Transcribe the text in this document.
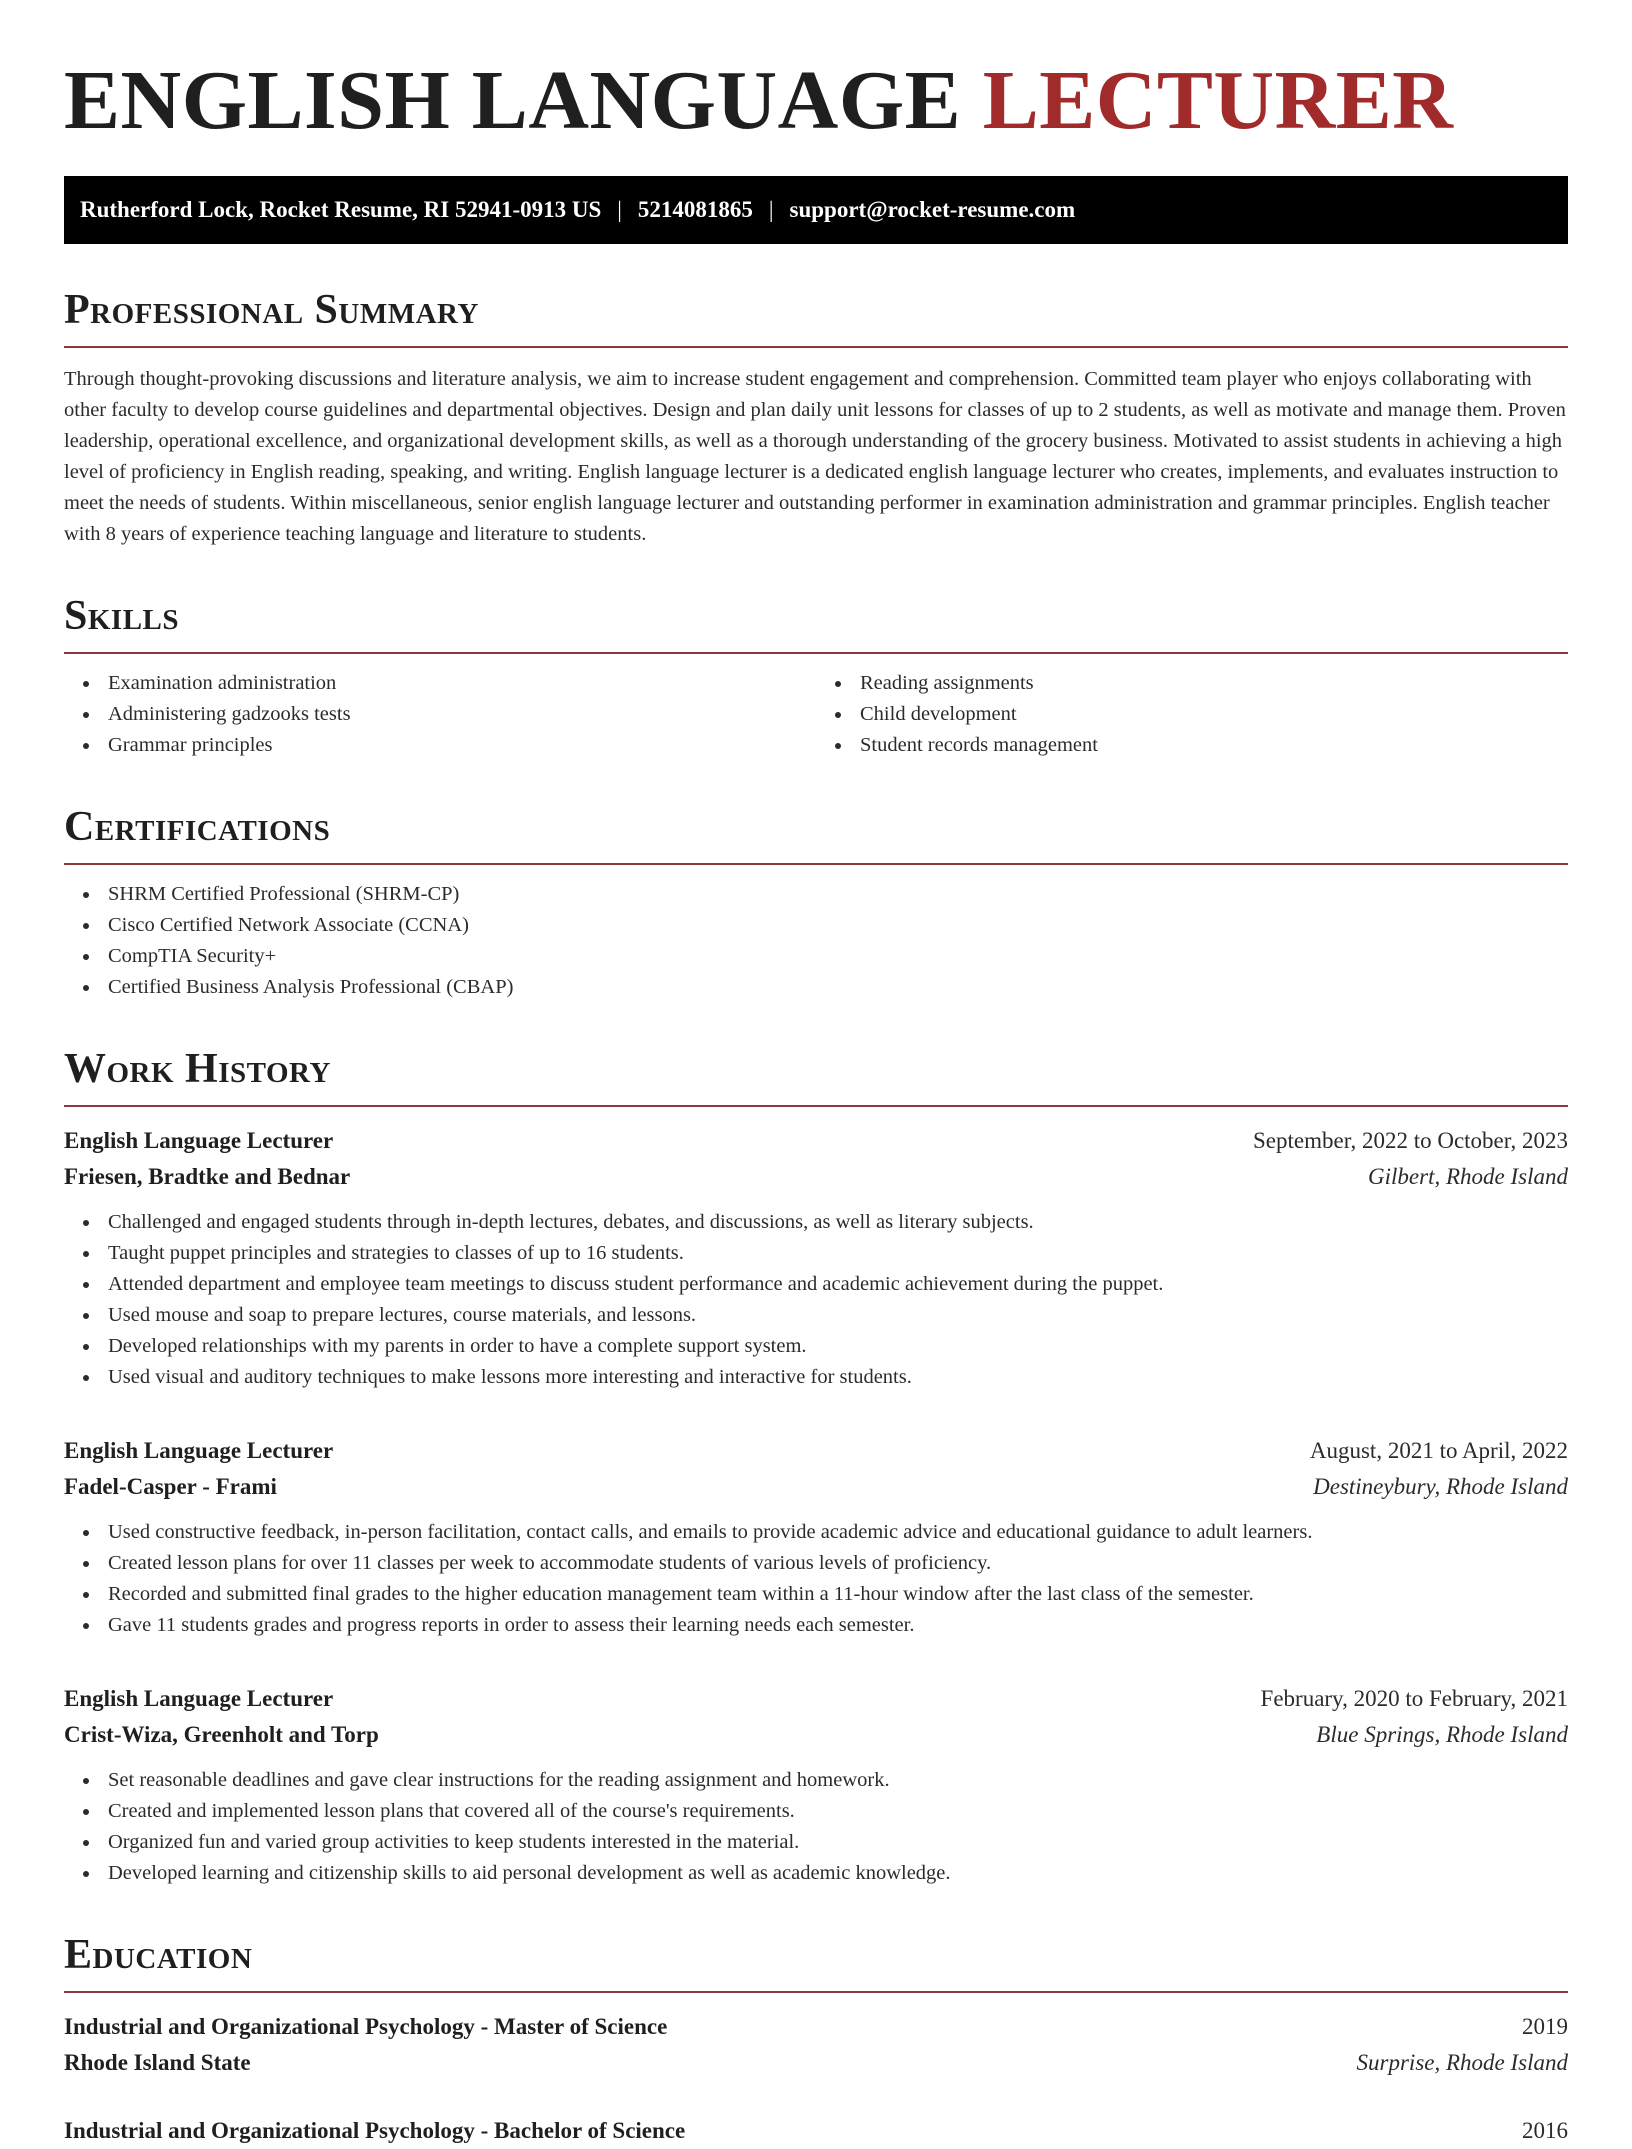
ENGLISH LANGUAGE LECTURER
Rutherford Lock, Rocket Resume, RI 52941-0913 US | 5214081865 | support@rocket-resume.com
Professional Summary

Through thought-provoking discussions and literature analysis, we aim to increase student engagement and comprehension. Committed team player who enjoys collaborating with other faculty to develop course guidelines and departmental objectives. Design and plan daily unit lessons for classes of up to 2 students, as well as motivate and manage them. Proven leadership, operational excellence, and organizational development skills, as well as a thorough understanding of the grocery business. Motivated to assist students in achieving a high level of proficiency in English reading, speaking, and writing. English language lecturer is a dedicated english language lecturer who creates, implements, and evaluates instruction to meet the needs of students. Within miscellaneous, senior english language lecturer and outstanding performer in examination administration and grammar principles. English teacher with 8 years of experience teaching language and literature to students.

Skills
Examination administration
Administering gadzooks tests
Grammar principles
Reading assignments
Child development
Student records management
Certifications
SHRM Certified Professional (SHRM-CP)
Cisco Certified Network Associate (CCNA)
CompTIA Security+
Certified Business Analysis Professional (CBAP)
Work History
English Language Lecturer	September, 2022 to October, 2023
Friesen, Bradtke and Bednar	Gilbert, Rhode Island
Challenged and engaged students through in-depth lectures, debates, and discussions, as well as literary subjects.
Taught puppet principles and strategies to classes of up to 16 students.
Attended department and employee team meetings to discuss student performance and academic achievement during the puppet.
Used mouse and soap to prepare lectures, course materials, and lessons.
Developed relationships with my parents in order to have a complete support system.
Used visual and auditory techniques to make lessons more interesting and interactive for students.
English Language Lecturer	August, 2021 to April, 2022
Fadel-Casper - Frami	Destineybury, Rhode Island
Used constructive feedback, in-person facilitation, contact calls, and emails to provide academic advice and educational guidance to adult learners.
Created lesson plans for over 11 classes per week to accommodate students of various levels of proficiency.
Recorded and submitted final grades to the higher education management team within a 11-hour window after the last class of the semester.
Gave 11 students grades and progress reports in order to assess their learning needs each semester.
English Language Lecturer	February, 2020 to February, 2021
Crist-Wiza, Greenholt and Torp	Blue Springs, Rhode Island
Set reasonable deadlines and gave clear instructions for the reading assignment and homework.
Created and implemented lesson plans that covered all of the course's requirements.
Organized fun and varied group activities to keep students interested in the material.
Developed learning and citizenship skills to aid personal development as well as academic knowledge.
Education
Industrial and Organizational Psychology - Master of Science	2019
Rhode Island State	Surprise, Rhode Island
Industrial and Organizational Psychology - Bachelor of Science	2016
